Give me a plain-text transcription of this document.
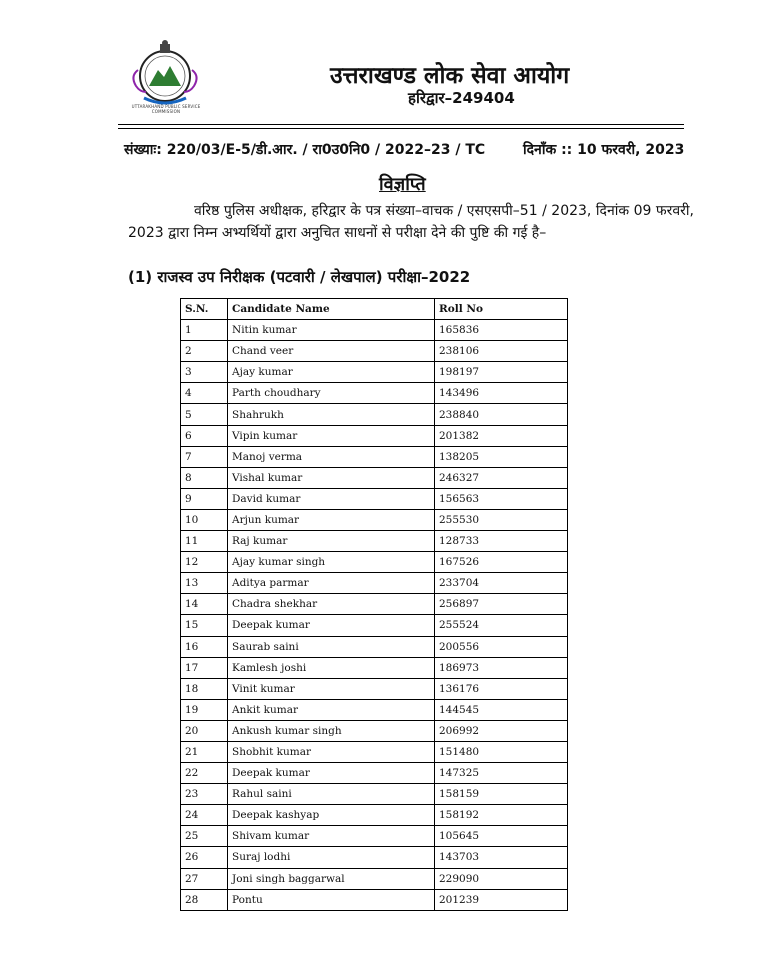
UTTARAKHAND PUBLIC SERVICE COMMISSION
उत्तराखण्ड लोक सेवा आयोग
हरिद्वार–249404
संख्याः: 220/03/E-5/डी.आर. / रा0उ0नि0 / 2022–23 / TC	दिनाँक :: 10 फरवरी, 2023
विज्ञप्ति
वरिष्ठ पुलिस अधीक्षक, हरिद्वार के पत्र संख्या–वाचक / एसएसपी–51 / 2023, दिनांक 09 फरवरी, 2023 द्वारा निम्न अभ्यर्थियों द्वारा अनुचित साधनों से परीक्षा देने की पुष्टि की गई है–
(1) राजस्व उप निरीक्षक (पटवारी / लेखपाल) परीक्षा–2022
S.N.	Candidate Name	Roll No
1	Nitin kumar	165836
2	Chand veer	238106
3	Ajay kumar	198197
4	Parth choudhary	143496
5	Shahrukh	238840
6	Vipin kumar	201382
7	Manoj verma	138205
8	Vishal kumar	246327
9	David kumar	156563
10	Arjun kumar	255530
11	Raj kumar	128733
12	Ajay kumar singh	167526
13	Aditya parmar	233704
14	Chadra shekhar	256897
15	Deepak kumar	255524
16	Saurab saini	200556
17	Kamlesh joshi	186973
18	Vinit kumar	136176
19	Ankit kumar	144545
20	Ankush kumar singh	206992
21	Shobhit kumar	151480
22	Deepak kumar	147325
23	Rahul saini	158159
24	Deepak kashyap	158192
25	Shivam kumar	105645
26	Suraj lodhi	143703
27	Joni singh baggarwal	229090
28	Pontu	201239
